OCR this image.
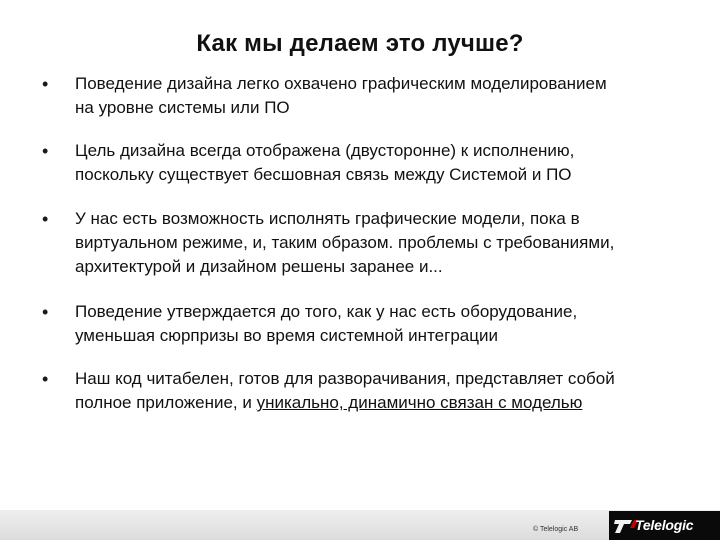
Как мы делаем это лучше?
• Поведение дизайна легко охвачено графическим моделированием
на уровне системы или ПО
• Цель дизайна всегда отображена (двусторонне) к исполнению,
поскольку существует бесшовная связь между Системой и ПО
• У нас есть возможность исполнять графические модели, пока в
виртуальном режиме, и, таким образом. проблемы с требованиями,
архитектурой и дизайном решены заранее и...
• Поведение утверждается до того, как у нас есть оборудование,
уменьшая сюрпризы во время системной интеграции
• Наш код читабелен, готов для разворачивания, представляет собой
полное приложение, и уникально, динамично связан с моделью
© Telelogic AB	Telelogic
